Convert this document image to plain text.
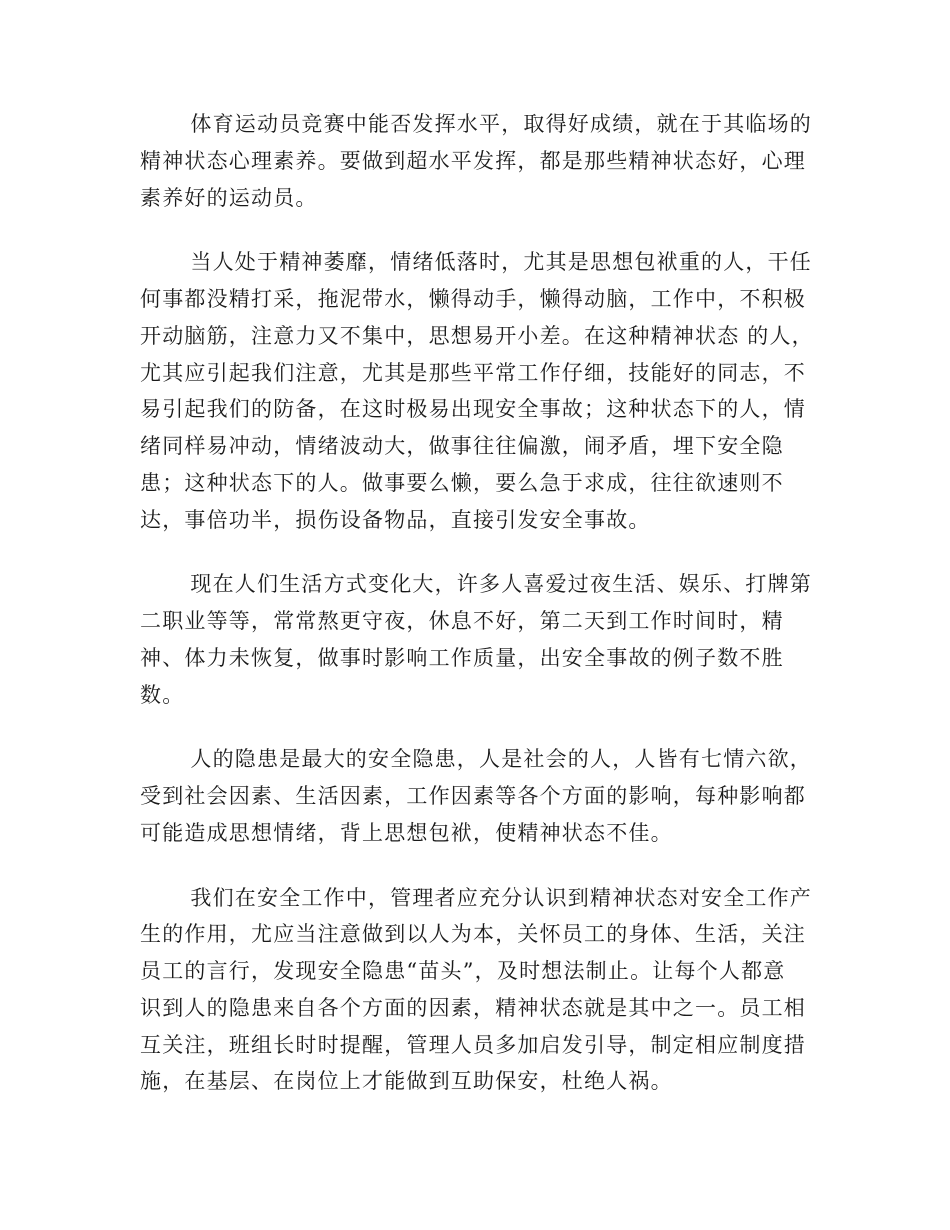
体育运动员竞赛中能否发挥水平，取得好成绩，就在于其临场的
精神状态心理素养。要做到超水平发挥，都是那些精神状态好，心理
素养好的运动员。

当人处于精神萎靡，情绪低落时，尤其是思想包袱重的人，干任
何事都没精打采，拖泥带水，懒得动手，懒得动脑，工作中，不积极
开动脑筋，注意力又不集中，思想易开小差。在这种精神状态 的人，
尤其应引起我们注意，尤其是那些平常工作仔细，技能好的同志，不
易引起我们的防备，在这时极易出现安全事故；这种状态下的人，情
绪同样易冲动，情绪波动大，做事往往偏激，闹矛盾，埋下安全隐
患；这种状态下的人。做事要么懒，要么急于求成，往往欲速则不
达，事倍功半，损伤设备物品，直接引发安全事故。

现在人们生活方式变化大，许多人喜爱过夜生活、娱乐、打牌第
二职业等等，常常熬更守夜，休息不好，第二天到工作时间时，精
神、体力未恢复，做事时影响工作质量，出安全事故的例子数不胜
数。

人的隐患是最大的安全隐患，人是社会的人，人皆有七情六欲，
受到社会因素、生活因素，工作因素等各个方面的影响，每种影响都
可能造成思想情绪，背上思想包袱，使精神状态不佳。

我们在安全工作中，管理者应充分认识到精神状态对安全工作产
生的作用，尤应当注意做到以人为本，关怀员工的身体、生活，关注
员工的言行，发现安全隐患“苗头”，及时想法制止。让每个人都意
识到人的隐患来自各个方面的因素，精神状态就是其中之一。员工相
互关注，班组长时时提醒，管理人员多加启发引导，制定相应制度措
施，在基层、在岗位上才能做到互助保安，杜绝人祸。
